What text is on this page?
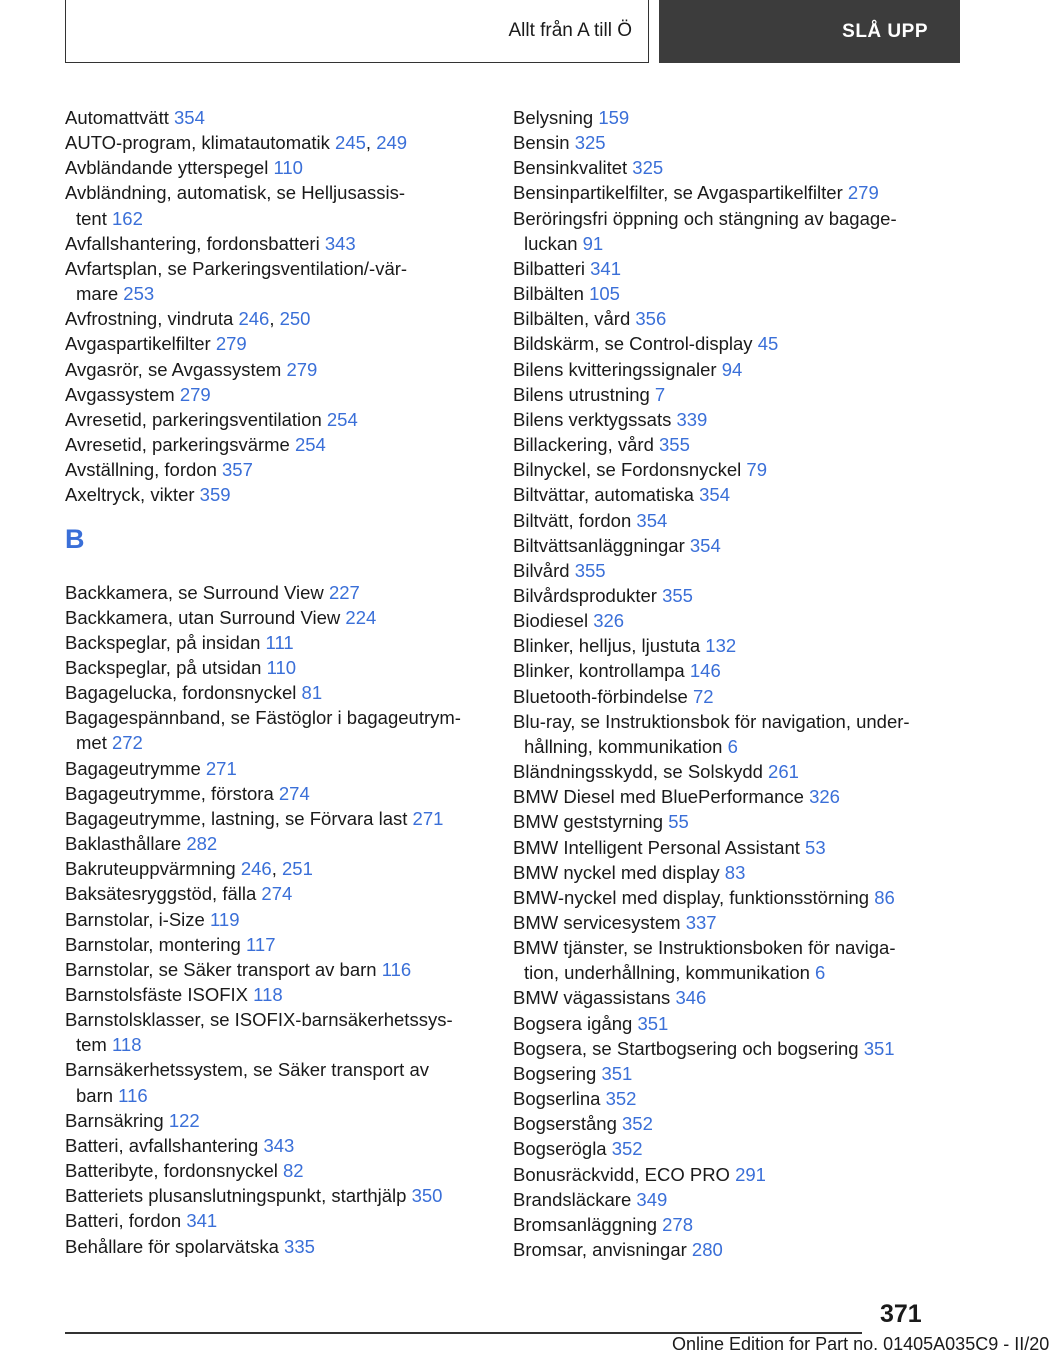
Allt från A till Ö	SLÅ UPP
Automattvätt 354
AUTO-program, klimatautomatik 245, 249
Avbländande ytterspegel 110
Avbländning, automatisk, se Helljusassis-
tent 162
Avfallshantering, fordonsbatteri 343
Avfartsplan, se Parkeringsventilation/-vär-
mare 253
Avfrostning, vindruta 246, 250
Avgaspartikelfilter 279
Avgasrör, se Avgassystem 279
Avgassystem 279
Avresetid, parkeringsventilation 254
Avresetid, parkeringsvärme 254
Avställning, fordon 357
Axeltryck, vikter 359
B
Backkamera, se Surround View 227
Backkamera, utan Surround View 224
Backspeglar, på insidan 111
Backspeglar, på utsidan 110
Bagagelucka, fordonsnyckel 81
Bagagespännband, se Fästöglor i bagageutrym-
met 272
Bagageutrymme 271
Bagageutrymme, förstora 274
Bagageutrymme, lastning, se Förvara last 271
Baklasthållare 282
Bakruteuppvärmning 246, 251
Baksätesryggstöd, fälla 274
Barnstolar, i-Size 119
Barnstolar, montering 117
Barnstolar, se Säker transport av barn 116
Barnstolsfäste ISOFIX 118
Barnstolsklasser, se ISOFIX-barnsäkerhetssys-
tem 118
Barnsäkerhetssystem, se Säker transport av
barn 116
Barnsäkring 122
Batteri, avfallshantering 343
Batteribyte, fordonsnyckel 82
Batteriets plusanslutningspunkt, starthjälp 350
Batteri, fordon 341
Behållare för spolarvätska 335
Belysning 159
Bensin 325
Bensinkvalitet 325
Bensinpartikelfilter, se Avgaspartikelfilter 279
Beröringsfri öppning och stängning av bagage-
luckan 91
Bilbatteri 341
Bilbälten 105
Bilbälten, vård 356
Bildskärm, se Control-display 45
Bilens kvitteringssignaler 94
Bilens utrustning 7
Bilens verktygssats 339
Billackering, vård 355
Bilnyckel, se Fordonsnyckel 79
Biltvättar, automatiska 354
Biltvätt, fordon 354
Biltvättsanläggningar 354
Bilvård 355
Bilvårdsprodukter 355
Biodiesel 326
Blinker, helljus, ljustuta 132
Blinker, kontrollampa 146
Bluetooth-förbindelse 72
Blu-ray, se Instruktionsbok för navigation, under-
hållning, kommunikation 6
Bländningsskydd, se Solskydd 261
BMW Diesel med BluePerformance 326
BMW geststyrning 55
BMW Intelligent Personal Assistant 53
BMW nyckel med display 83
BMW-nyckel med display, funktionsstörning 86
BMW servicesystem 337
BMW tjänster, se Instruktionsboken för naviga-
tion, underhållning, kommunikation 6
BMW vägassistans 346
Bogsera igång 351
Bogsera, se Startbogsering och bogsering 351
Bogsering 351
Bogserlina 352
Bogserstång 352
Bogserögla 352
Bonusräckvidd, ECO PRO 291
Brandsläckare 349
Bromsanläggning 278
Bromsar, anvisningar 280
371
Online Edition for Part no. 01405A035C9 - II/20
